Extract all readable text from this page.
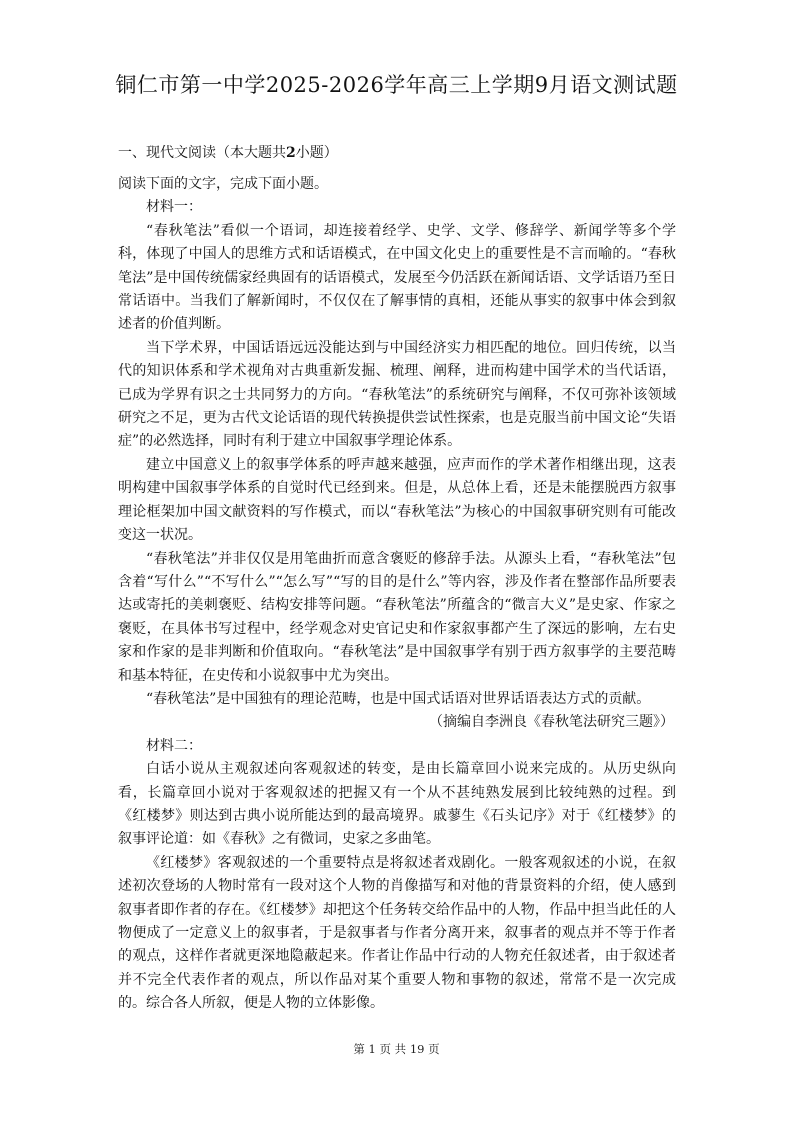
铜仁市第一中学2025-2026学年高三上学期9月语文测试题
一、现代文阅读（本大题共2小题）

阅读下面的文字，完成下面小题。

材料一：

“春秋笔法”看似一个语词，却连接着经学、史学、文学、修辞学、新闻学等多个学科，体现了中国人的思维方式和话语模式，在中国文化史上的重要性是不言而喻的。“春秋笔法”是中国传统儒家经典固有的话语模式，发展至今仍活跃在新闻话语、文学话语乃至日常话语中。当我们了解新闻时，不仅仅在了解事情的真相，还能从事实的叙事中体会到叙述者的价值判断。

当下学术界，中国话语远远没能达到与中国经济实力相匹配的地位。回归传统，以当代的知识体系和学术视角对古典重新发掘、梳理、阐释，进而构建中国学术的当代话语，已成为学界有识之士共同努力的方向。“春秋笔法”的系统研究与阐释，不仅可弥补该领域研究之不足，更为古代文论话语的现代转换提供尝试性探索，也是克服当前中国文论“失语症”的必然选择，同时有利于建立中国叙事学理论体系。

建立中国意义上的叙事学体系的呼声越来越强，应声而作的学术著作相继出现，这表明构建中国叙事学体系的自觉时代已经到来。但是，从总体上看，还是未能摆脱西方叙事理论框架加中国文献资料的写作模式，而以“春秋笔法”为核心的中国叙事研究则有可能改变这一状况。

“春秋笔法”并非仅仅是用笔曲折而意含褒贬的修辞手法。从源头上看，“春秋笔法”包含着“写什么”“不写什么”“怎么写”“写的目的是什么”等内容，涉及作者在整部作品所要表达或寄托的美刺褒贬、结构安排等问题。“春秋笔法”所蕴含的“微言大义”是史家、作家之褒贬，在具体书写过程中，经学观念对史官记史和作家叙事都产生了深远的影响，左右史家和作家的是非判断和价值取向。“春秋笔法”是中国叙事学有别于西方叙事学的主要范畴和基本特征，在史传和小说叙事中尤为突出。

“春秋笔法”是中国独有的理论范畴，也是中国式话语对世界话语表达方式的贡献。

（摘编自李洲良《春秋笔法研究三题》）

材料二：

白话小说从主观叙述向客观叙述的转变，是由长篇章回小说来完成的。从历史纵向看，长篇章回小说对于客观叙述的把握又有一个从不甚纯熟发展到比较纯熟的过程。到《红楼梦》则达到古典小说所能达到的最高境界。戚蓼生《石头记序》对于《红楼梦》的叙事评论道：如《春秋》之有微词，史家之多曲笔。

《红楼梦》客观叙述的一个重要特点是将叙述者戏剧化。一般客观叙述的小说，在叙述初次登场的人物时常有一段对这个人物的肖像描写和对他的背景资料的介绍，使人感到叙事者即作者的存在。《红楼梦》却把这个任务转交给作品中的人物，作品中担当此任的人物便成了一定意义上的叙事者，于是叙事者与作者分离开来，叙事者的观点并不等于作者的观点，这样作者就更深地隐蔽起来。作者让作品中行动的人物充任叙述者，由于叙述者并不完全代表作者的观点，所以作品对某个重要人物和事物的叙述，常常不是一次完成的。综合各人所叙，便是人物的立体影像。

第 1 页 共 19 页
